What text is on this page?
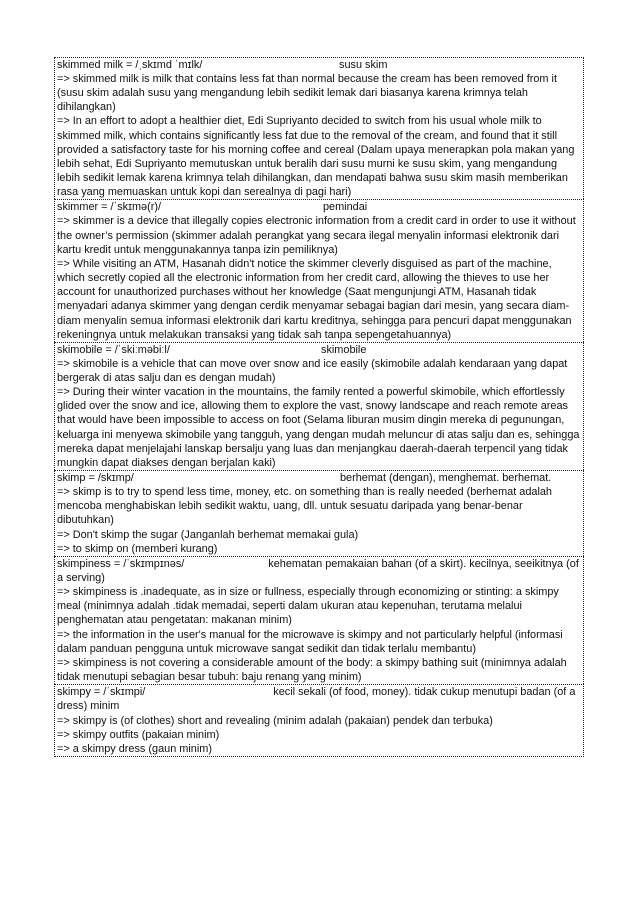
skimmed milk = /ˌskɪmd ˈmɪlk/	susu skim

=> skimmed milk is milk that contains less fat than normal because the cream has been removed from it (susu skim adalah susu yang mengandung lebih sedikit lemak dari biasanya karena krimnya telah dihilangkan)

=> In an effort to adopt a healthier diet, Edi Supriyanto decided to switch from his usual whole milk to skimmed milk, which contains significantly less fat due to the removal of the cream, and found that it still provided a satisfactory taste for his morning coffee and cereal (Dalam upaya menerapkan pola makan yang lebih sehat, Edi Supriyanto memutuskan untuk beralih dari susu murni ke susu skim, yang mengandung lebih sedikit lemak karena krimnya telah dihilangkan, dan mendapati bahwa susu skim masih memberikan rasa yang memuaskan untuk kopi dan serealnya di pagi hari)

skimmer = /ˈskɪmə(r)/	pemindai

=> skimmer is a device that illegally copies electronic information from a credit card in order to use it without the owner’s permission (skimmer adalah perangkat yang secara ilegal menyalin informasi elektronik dari kartu kredit untuk menggunakannya tanpa izin pemiliknya)

=> While visiting an ATM, Hasanah didn't notice the skimmer cleverly disguised as part of the machine, which secretly copied all the electronic information from her credit card, allowing the thieves to use her account for unauthorized purchases without her knowledge (Saat mengunjungi ATM, Hasanah tidak menyadari adanya skimmer yang dengan cerdik menyamar sebagai bagian dari mesin, yang secara diam-diam menyalin semua informasi elektronik dari kartu kreditnya, sehingga para pencuri dapat menggunakan rekeningnya untuk melakukan transaksi yang tidak sah tanpa sepengetahuannya)

skimobile = /ˈskiːməbiːl/	skimobile

=> skimobile is a vehicle that can move over snow and ice easily (skimobile adalah kendaraan yang dapat bergerak di atas salju dan es dengan mudah)

=> During their winter vacation in the mountains, the family rented a powerful skimobile, which effortlessly glided over the snow and ice, allowing them to explore the vast, snowy landscape and reach remote areas that would have been impossible to access on foot (Selama liburan musim dingin mereka di pegunungan, keluarga ini menyewa skimobile yang tangguh, yang dengan mudah meluncur di atas salju dan es, sehingga mereka dapat menjelajahi lanskap bersalju yang luas dan menjangkau daerah-daerah terpencil yang tidak mungkin dapat diakses dengan berjalan kaki)

skimp = /skɪmp/	berhemat (dengan), menghemat. berhemat.

=> skimp is to try to spend less time, money, etc. on something than is really needed (berhemat adalah mencoba menghabiskan lebih sedikit waktu, uang, dll. untuk sesuatu daripada yang benar-benar dibutuhkan)

=> Don't skimp the sugar (Janganlah berhemat memakai gula)

=> to skimp on (memberi kurang)

skimpiness = /ˈskɪmpɪnəs/	kehematan pemakaian bahan (of a skirt). kecilnya, seeikitnya (of a serving)

=> skimpiness is .inadequate, as in size or fullness, especially through economizing or stinting: a skimpy meal (minimnya adalah .tidak memadai, seperti dalam ukuran atau kepenuhan, terutama melalui penghematan atau pengetatan: makanan minim)

=> the information in the user's manual for the microwave is skimpy and not particularly helpful (informasi dalam panduan pengguna untuk microwave sangat sedikit dan tidak terlalu membantu)

=> skimpiness is not covering a considerable amount of the body: a skimpy bathing suit (minimnya adalah tidak menutupi sebagian besar tubuh: baju renang yang minim)

skimpy = /ˈskɪmpi/	kecil sekali (of food, money). tidak cukup menutupi badan (of a dress) minim

=> skimpy is (of clothes) short and revealing (minim adalah (pakaian) pendek dan terbuka)

=> skimpy outfits (pakaian minim)

=> a skimpy dress (gaun minim)
